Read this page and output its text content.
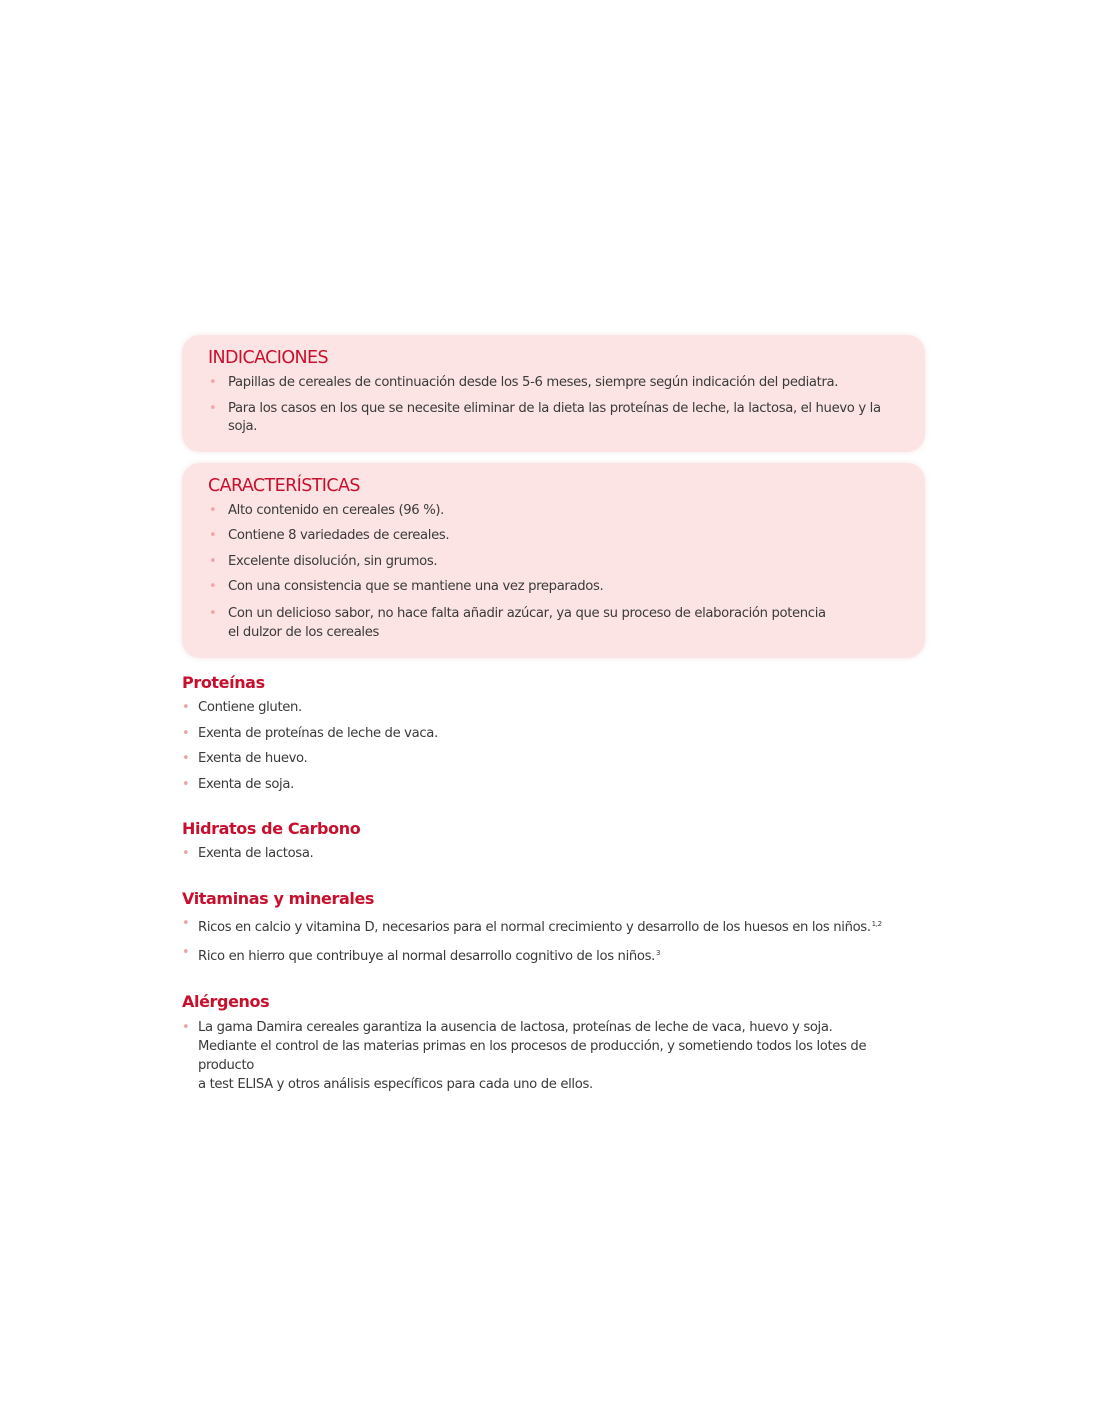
INDICACIONES
• Papillas de cereales de continuación desde los 5-6 meses, siempre según indicación del pediatra.
• Para los casos en los que se necesite eliminar de la dieta las proteínas de leche, la lactosa, el huevo y la soja.
CARACTERÍSTICAS
• Alto contenido en cereales (96 %).
• Contiene 8 variedades de cereales.
• Excelente disolución, sin grumos.
• Con una consistencia que se mantiene una vez preparados.
• Con un delicioso sabor, no hace falta añadir azúcar, ya que su proceso de elaboración potencia
el dulzor de los cereales
Proteínas
• Contiene gluten.
• Exenta de proteínas de leche de vaca.
• Exenta de huevo.
• Exenta de soja.
Hidratos de Carbono
• Exenta de lactosa.
Vitaminas y minerales
• Ricos en calcio y vitamina D, necesarios para el normal crecimiento y desarrollo de los huesos en los niños.$^{1,2}$
• Rico en hierro que contribuye al normal desarrollo cognitivo de los niños.$^3$
Alérgenos
• La gama Damira cereales garantiza la ausencia de lactosa, proteínas de leche de vaca, huevo y soja.
Mediante el control de las materias primas en los procesos de producción, y sometiendo todos los lotes de producto
a test ELISA y otros análisis específicos para cada uno de ellos.
